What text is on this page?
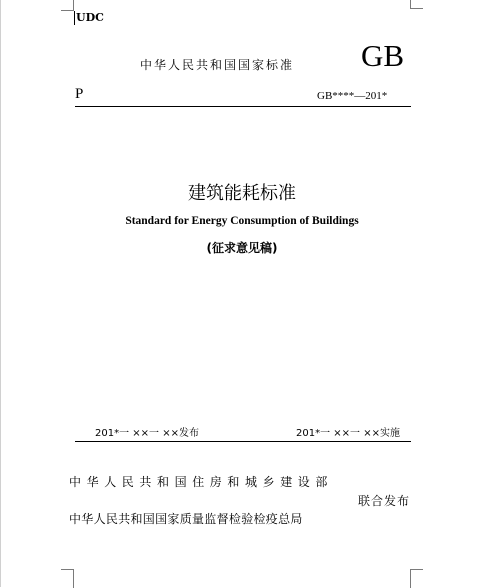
UDC
中华人民共和国国家标准 GB
P	GB****—201*
建筑能耗标准
Standard for Energy Consumption of Buildings
(征求意见稿)
201*一 ××一 ××发布	201*一 ××一 ××实施
中华人民共和国住房和城乡建设部
联合发布
中华人民共和国国家质量监督检验检疫总局
